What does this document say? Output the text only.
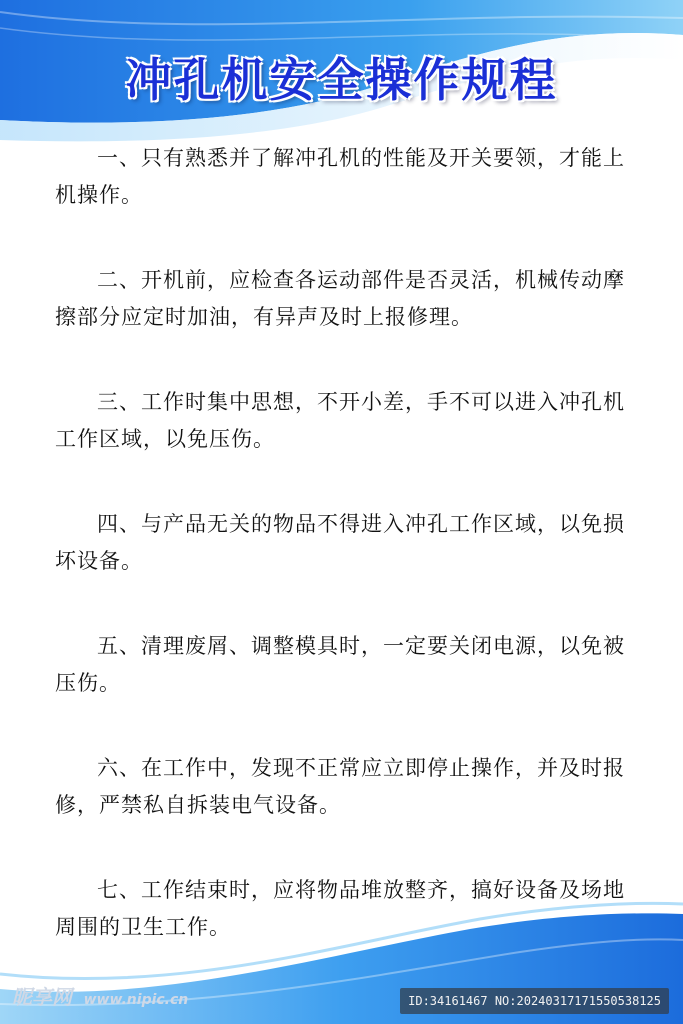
冲孔机安全操作规程

一、只有熟悉并了解冲孔机的性能及开关要领，才能上机操作。

二、开机前，应检查各运动部件是否灵活，机械传动摩擦部分应定时加油，有异声及时上报修理。

三、工作时集中思想，不开小差，手不可以进入冲孔机工作区域，以免压伤。

四、与产品无关的物品不得进入冲孔工作区域，以免损坏设备。

五、清理废屑、调整模具时，一定要关闭电源，以免被压伤。

六、在工作中，发现不正常应立即停止操作，并及时报修，严禁私自拆装电气设备。

七、工作结束时，应将物品堆放整齐，搞好设备及场地周围的卫生工作。

昵享网 www.nipic.cn	ID:34161467 NO:20240317171550538125
